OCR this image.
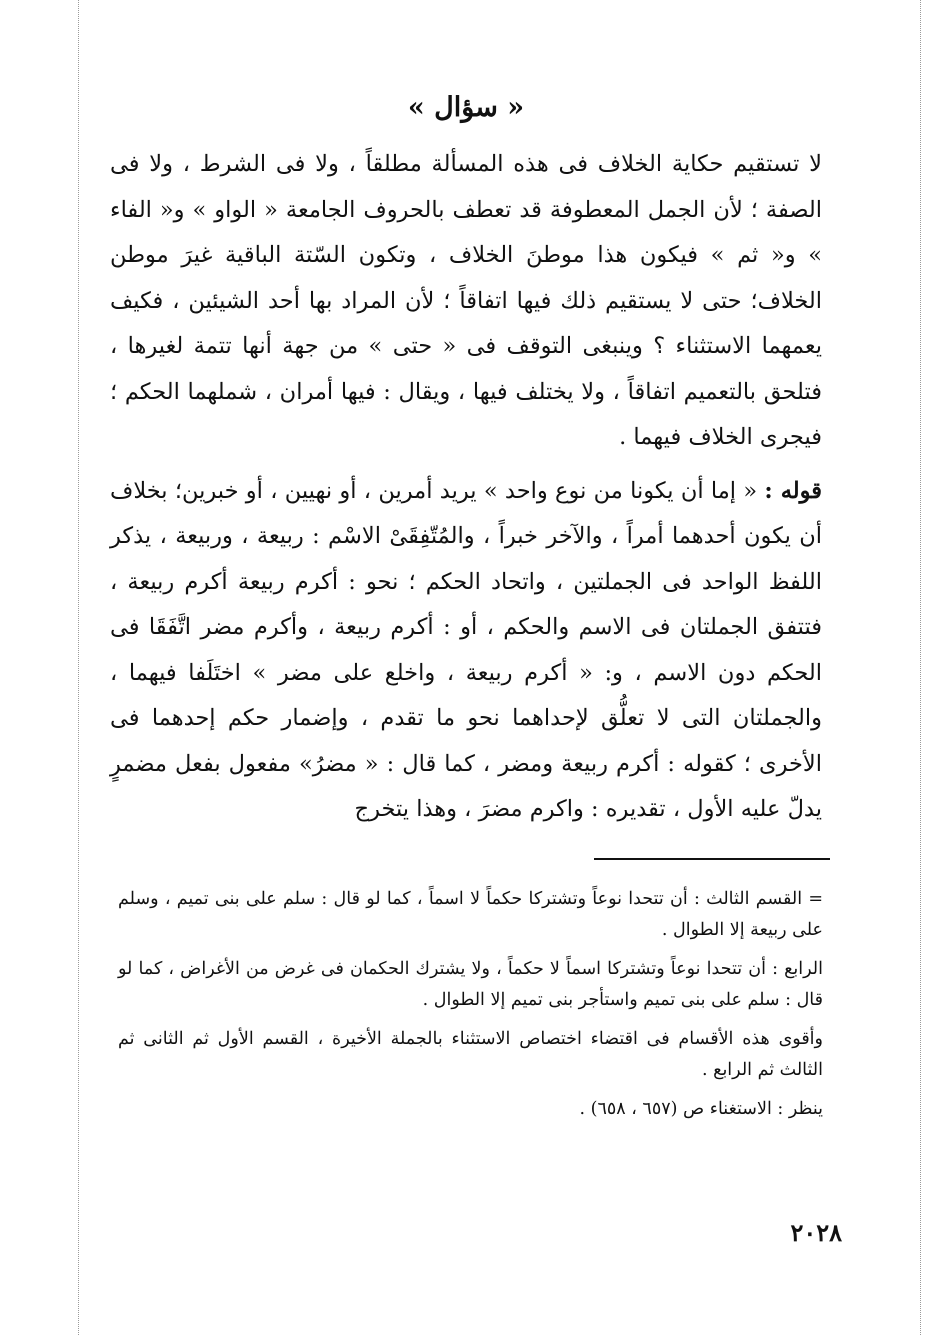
« سؤال »

لا تستقيم حكاية الخلاف فى هذه المسألة مطلقاً ، ولا فى الشرط ، ولا فى الصفة ؛ لأن الجمل المعطوفة قد تعطف بالحروف الجامعة « الواو » و« الفاء » و« ثم » فيكون هذا موطنَ الخلاف ، وتكون السّتة الباقية غيرَ موطن الخلاف؛ حتى لا يستقيم ذلك فيها اتفاقاً ؛ لأن المراد بها أحد الشيئين ، فكيف يعمهما الاستثناء ؟ وينبغى التوقف فى « حتى » من جهة أنها تتمة لغيرها ، فتلحق بالتعميم اتفاقاً ، ولا يختلف فيها ، ويقال : فيها أمران ، شملهما الحكم ؛ فيجرى الخلاف فيهما .

قوله : « إما أن يكونا من نوع واحد » يريد أمرين ، أو نهيين ، أو خبرين؛ بخلاف أن يكون أحدهما أمراً ، والآخر خبراً ، والمُتّفِقَىْ الاسْم : ربيعة ، وربيعة ، يذكر اللفظ الواحد فى الجملتين ، واتحاد الحكم ؛ نحو : أكرم ربيعة أكرم ربيعة ، فتتفق الجملتان فى الاسم والحكم ، أو : أكرم ربيعة ، وأكرم مضر اتَّفَقَا فى الحكم دون الاسم ، و: « أكرم ربيعة ، واخلع على مضر » اختَلَفا فيهما ، والجملتان التى لا تعلُّق لإحداهما نحو ما تقدم ، وإضمار حكم إحدهما فى الأخرى ؛ كقوله : أكرم ربيعة ومضر ، كما قال : « مضرُ» مفعول بفعل مضمرٍ يدلّ عليه الأول ، تقديره : واكرم مضرَ ، وهذا يتخرج

= القسم الثالث : أن تتحدا نوعاً وتشتركا حكماً لا اسماً ، كما لو قال : سلم على بنى تميم ، وسلم على ربيعة إلا الطوال .

الرابع : أن تتحدا نوعاً وتشتركا اسماً لا حكماً ، ولا يشترك الحكمان فى غرض من الأغراض ، كما لو قال : سلم على بنى تميم واستأجر بنى تميم إلا الطوال .

وأقوى هذه الأقسام فى اقتضاء اختصاص الاستثناء بالجملة الأخيرة ، القسم الأول ثم الثانى ثم الثالث ثم الرابع .

ينظر : الاستغناء ص (٦٥٧ ، ٦٥٨) .

٢٠٢٨
